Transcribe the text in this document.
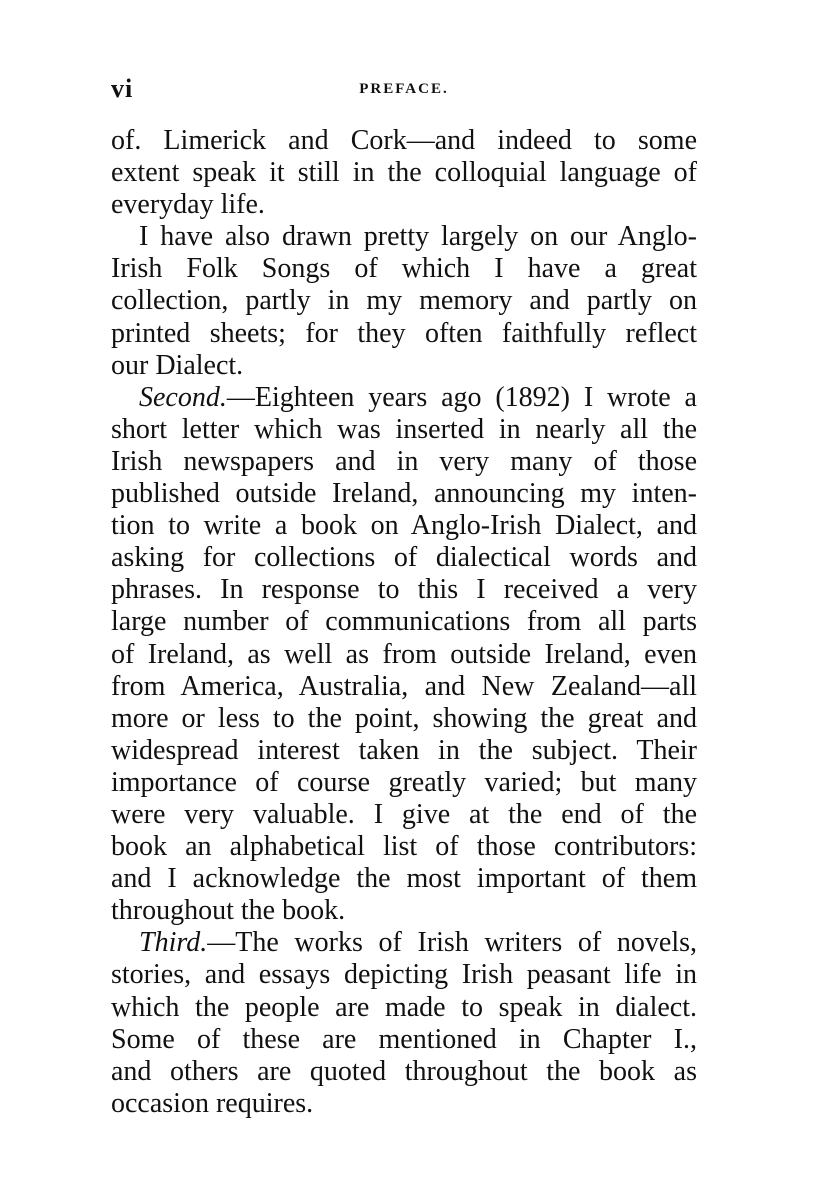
vi	PREFACE.
of. Limerick and Cork—and indeed to some
extent speak it still in the colloquial language of
everyday life.
I have also drawn pretty largely on our Anglo-
Irish Folk Songs of which I have a great
collection, partly in my memory and partly on
printed sheets; for they often faithfully reflect
our Dialect.
Second.—Eighteen years ago (1892) I wrote a
short letter which was inserted in nearly all the
Irish newspapers and in very many of those
published outside Ireland, announcing my inten-
tion to write a book on Anglo-Irish Dialect, and
asking for collections of dialectical words and
phrases. In response to this I received a very
large number of communications from all parts
of Ireland, as well as from outside Ireland, even
from America, Australia, and New Zealand—all
more or less to the point, showing the great and
widespread interest taken in the subject. Their
importance of course greatly varied; but many
were very valuable. I give at the end of the
book an alphabetical list of those contributors:
and I acknowledge the most important of them
throughout the book.
Third.—The works of Irish writers of novels,
stories, and essays depicting Irish peasant life in
which the people are made to speak in dialect.
Some of these are mentioned in Chapter I.,
and others are quoted throughout the book as
occasion requires.
